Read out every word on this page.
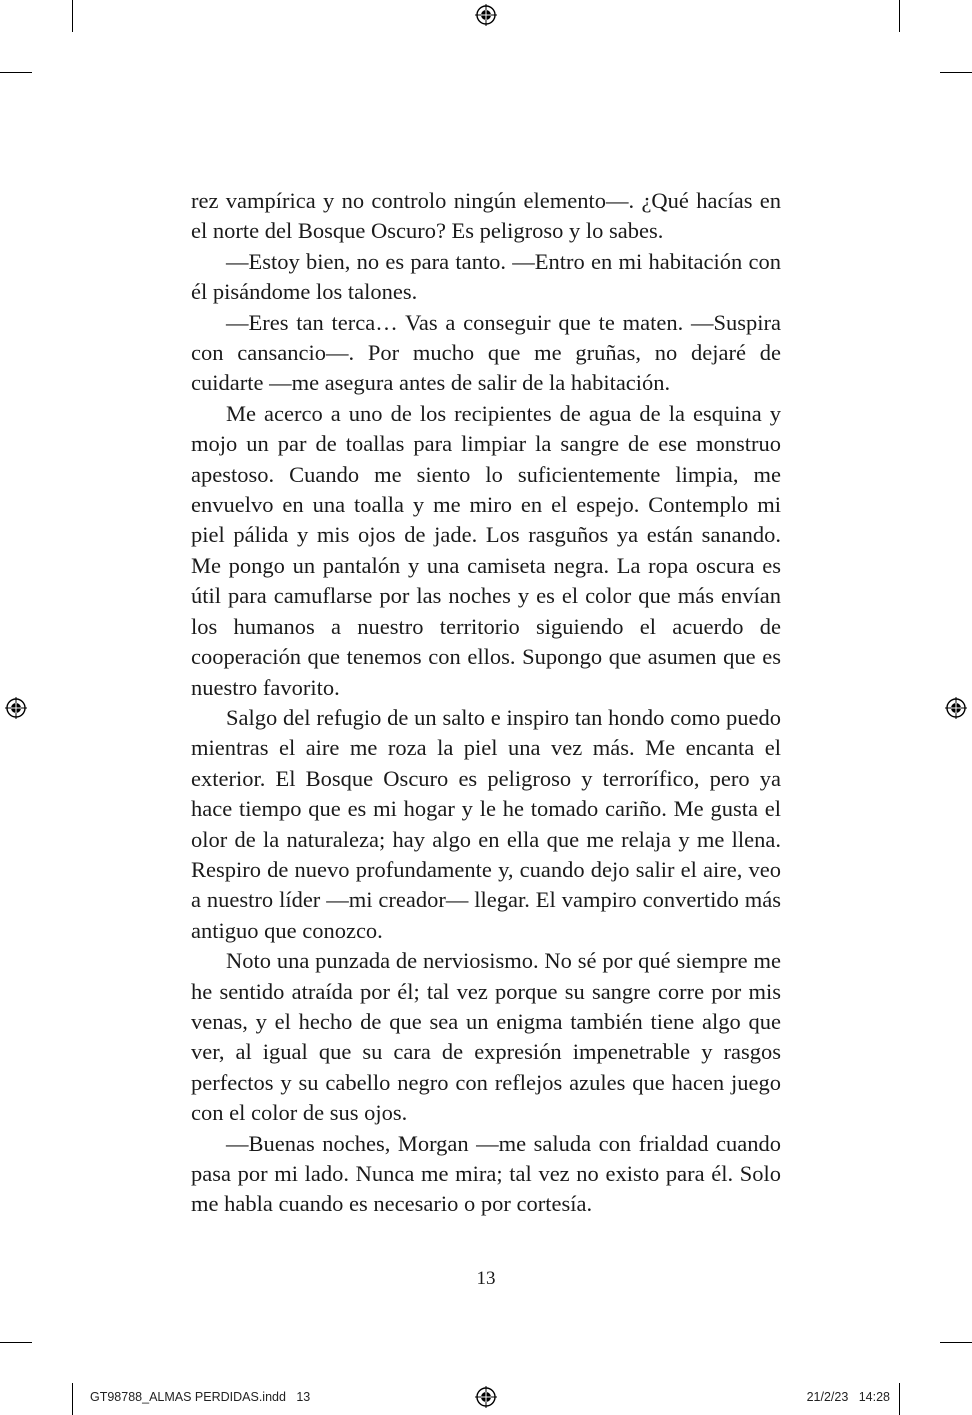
rez vampírica y no controlo ningún elemento—. ¿Qué hacías en el norte del Bosque Oscuro? Es peligroso y lo sabes.

—Estoy bien, no es para tanto. —Entro en mi habitación con él pisándome los talones.

—Eres tan terca… Vas a conseguir que te maten. —Suspira con cansancio—. Por mucho que me gruñas, no dejaré de cuidarte —me asegura antes de salir de la habitación.

Me acerco a uno de los recipientes de agua de la esquina y mojo un par de toallas para limpiar la sangre de ese monstruo apestoso. Cuando me siento lo suficientemente limpia, me envuelvo en una toalla y me miro en el espejo. Contemplo mi piel pálida y mis ojos de jade. Los rasguños ya están sanando. Me pongo un pantalón y una camiseta negra. La ropa oscura es útil para camuflarse por las noches y es el color que más envían los humanos a nuestro territorio siguiendo el acuerdo de cooperación que tenemos con ellos. Supongo que asumen que es nuestro favorito.

Salgo del refugio de un salto e inspiro tan hondo como puedo mientras el aire me roza la piel una vez más. Me encanta el exterior. El Bosque Oscuro es peligroso y terrorífico, pero ya hace tiempo que es mi hogar y le he tomado cariño. Me gusta el olor de la naturaleza; hay algo en ella que me relaja y me llena. Respiro de nuevo profundamente y, cuando dejo salir el aire, veo a nuestro líder —mi creador— llegar. El vampiro convertido más antiguo que conozco.

Noto una punzada de nerviosismo. No sé por qué siempre me he sentido atraída por él; tal vez porque su sangre corre por mis venas, y el hecho de que sea un enigma también tiene algo que ver, al igual que su cara de expresión impenetrable y rasgos perfectos y su cabello negro con reflejos azules que hacen juego con el color de sus ojos.

—Buenas noches, Morgan —me saluda con frialdad cuando pasa por mi lado. Nunca me mira; tal vez no existo para él. Solo me habla cuando es necesario o por cortesía.

13
GT98788_ALMAS PERDIDAS.indd   13	21/2/23   14:28
